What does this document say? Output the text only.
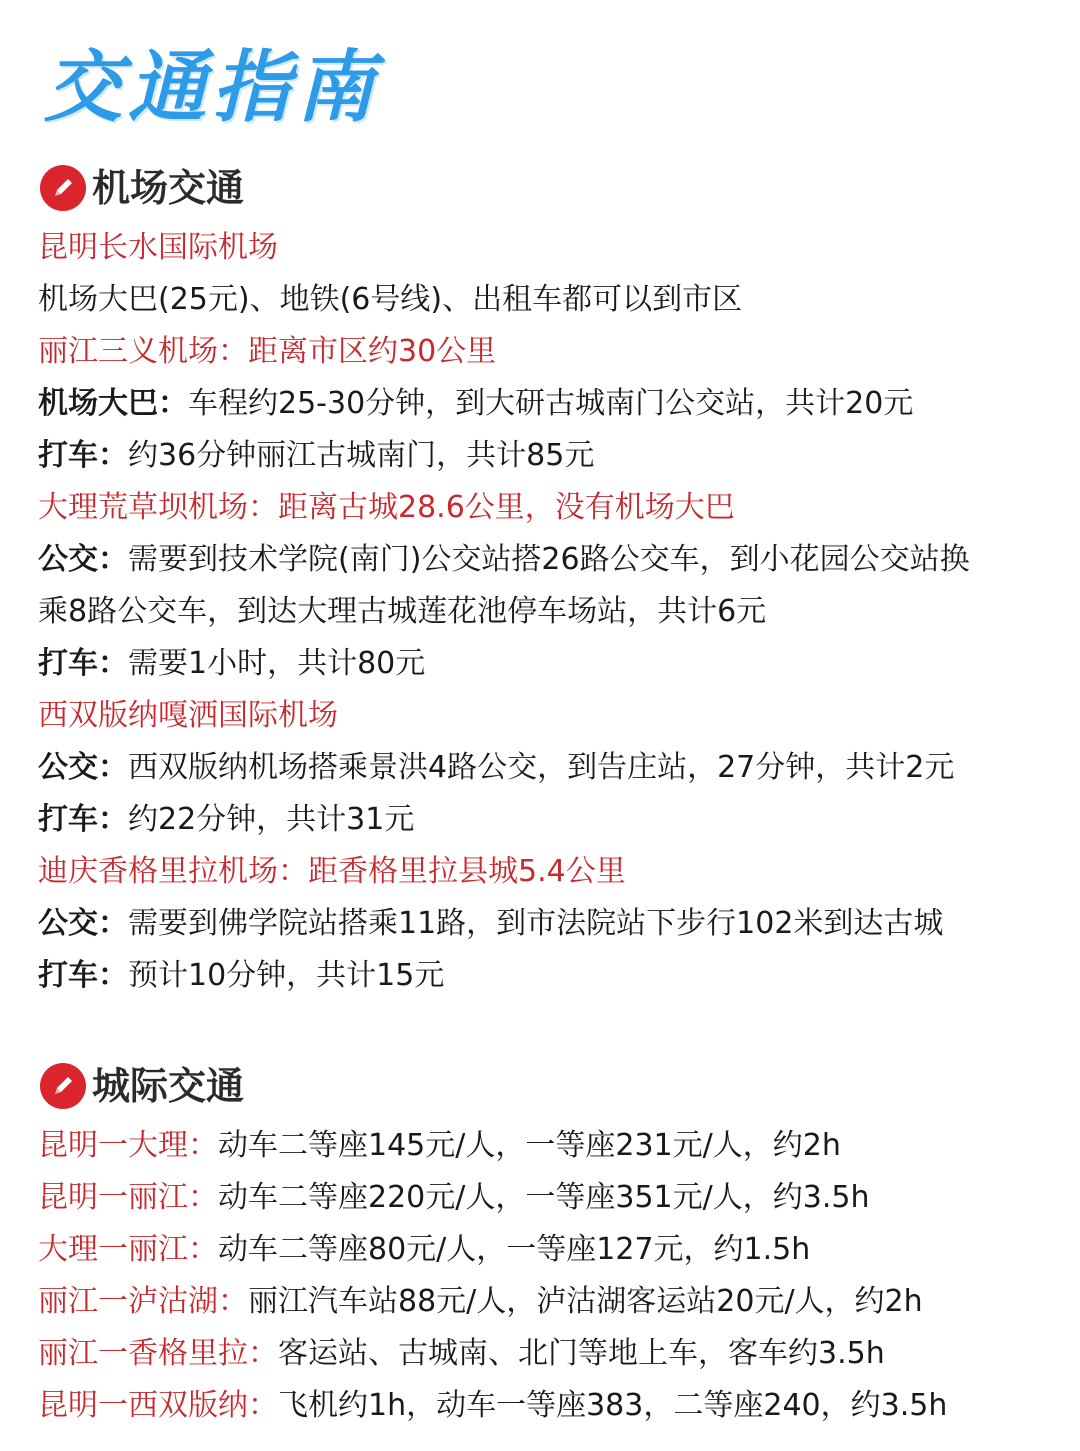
交通指南
机场交通
昆明长水国际机场
机场大巴(25元)、地铁(6号线)、出租车都可以到市区
丽江三义机场：距离市区约30公里
机场大巴：车程约25-30分钟，到大研古城南门公交站，共计20元
打车：约36分钟丽江古城南门，共计85元
大理荒草坝机场：距离古城28.6公里，没有机场大巴
公交：需要到技术学院(南门)公交站搭26路公交车，到小花园公交站换
乘8路公交车，到达大理古城莲花池停车场站，共计6元
打车：需要1小时，共计80元
西双版纳嘎洒国际机场
公交：西双版纳机场搭乘景洪4路公交，到告庄站，27分钟，共计2元
打车：约22分钟，共计31元
迪庆香格里拉机场：距香格里拉县城5.4公里
公交：需要到佛学院站搭乘11路，到市法院站下步行102米到达古城
打车：预计10分钟，共计15元
城际交通
昆明一大理：动车二等座145元/人，一等座231元/人，约2h
昆明一丽江：动车二等座220元/人，一等座351元/人，约3.5h
大理一丽江：动车二等座80元/人，一等座127元，约1.5h
丽江一泸沽湖：丽江汽车站88元/人，泸沽湖客运站20元/人，约2h
丽江一香格里拉：客运站、古城南、北门等地上车，客车约3.5h
昆明一西双版纳：飞机约1h，动车一等座383，二等座240，约3.5h
